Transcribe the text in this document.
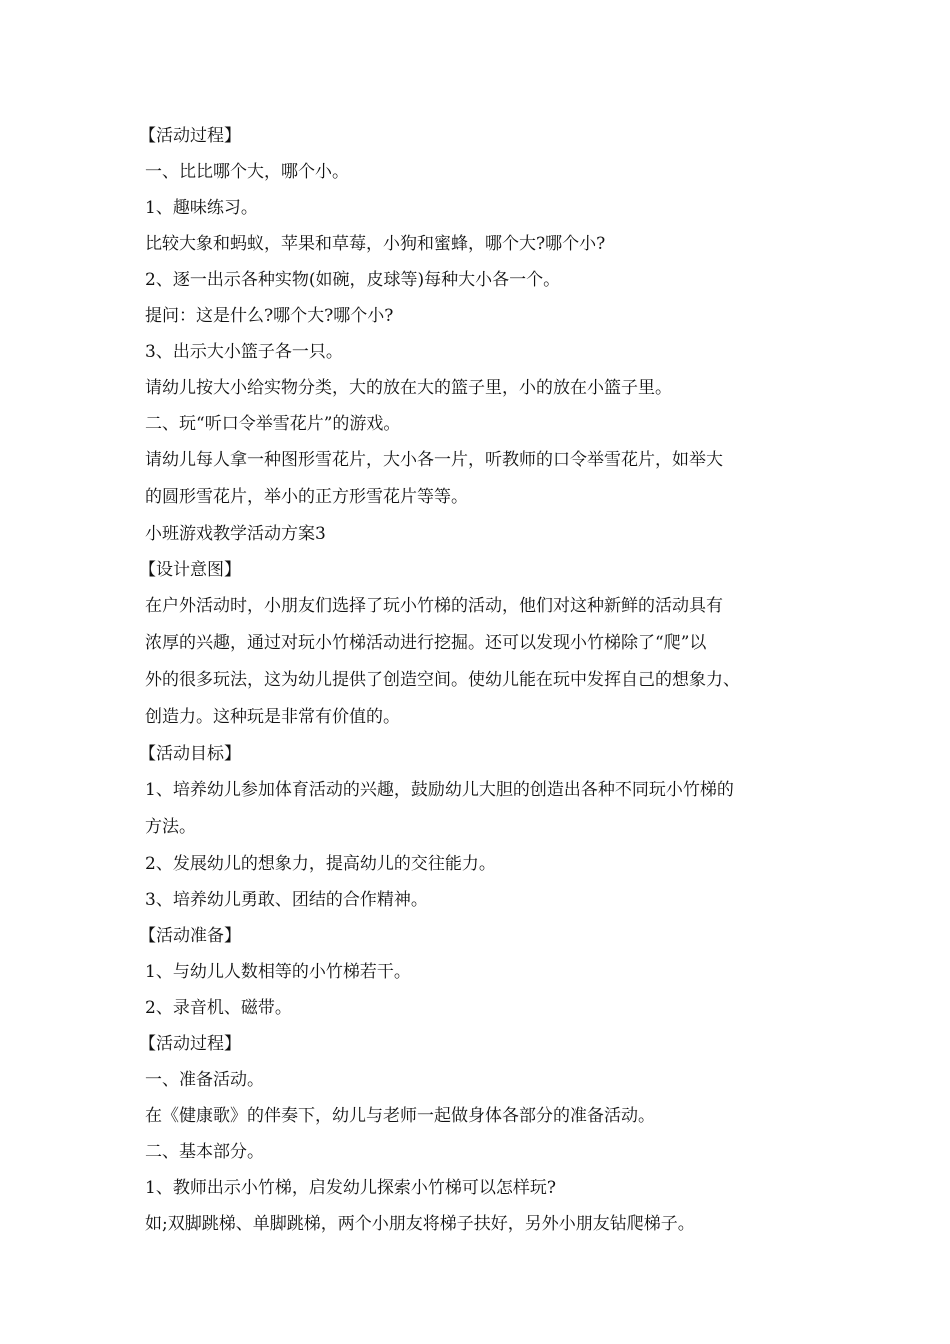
【活动过程】
一、比比哪个大，哪个小。
1、趣味练习。
比较大象和蚂蚁，苹果和草莓，小狗和蜜蜂，哪个大?哪个小?
2、逐一出示各种实物(如碗，皮球等)每种大小各一个。
提问：这是什么?哪个大?哪个小?
3、出示大小篮子各一只。
请幼儿按大小给实物分类，大的放在大的篮子里，小的放在小篮子里。
二、玩“听口令举雪花片”的游戏。
请幼儿每人拿一种图形雪花片，大小各一片，听教师的口令举雪花片，如举大
的圆形雪花片，举小的正方形雪花片等等。
小班游戏教学活动方案3
【设计意图】
在户外活动时，小朋友们选择了玩小竹梯的活动，他们对这种新鲜的活动具有
浓厚的兴趣，通过对玩小竹梯活动进行挖掘。还可以发现小竹梯除了“爬”以
外的很多玩法，这为幼儿提供了创造空间。使幼儿能在玩中发挥自己的想象力、
创造力。这种玩是非常有价值的。
【活动目标】
1、培养幼儿参加体育活动的兴趣，鼓励幼儿大胆的创造出各种不同玩小竹梯的
方法。
2、发展幼儿的想象力，提高幼儿的交往能力。
3、培养幼儿勇敢、团结的合作精神。
【活动准备】
1、与幼儿人数相等的小竹梯若干。
2、录音机、磁带。
【活动过程】
一、准备活动。
在《健康歌》的伴奏下，幼儿与老师一起做身体各部分的准备活动。
二、基本部分。
1、教师出示小竹梯，启发幼儿探索小竹梯可以怎样玩?
如;双脚跳梯、单脚跳梯，两个小朋友将梯子扶好，另外小朋友钻爬梯子。
